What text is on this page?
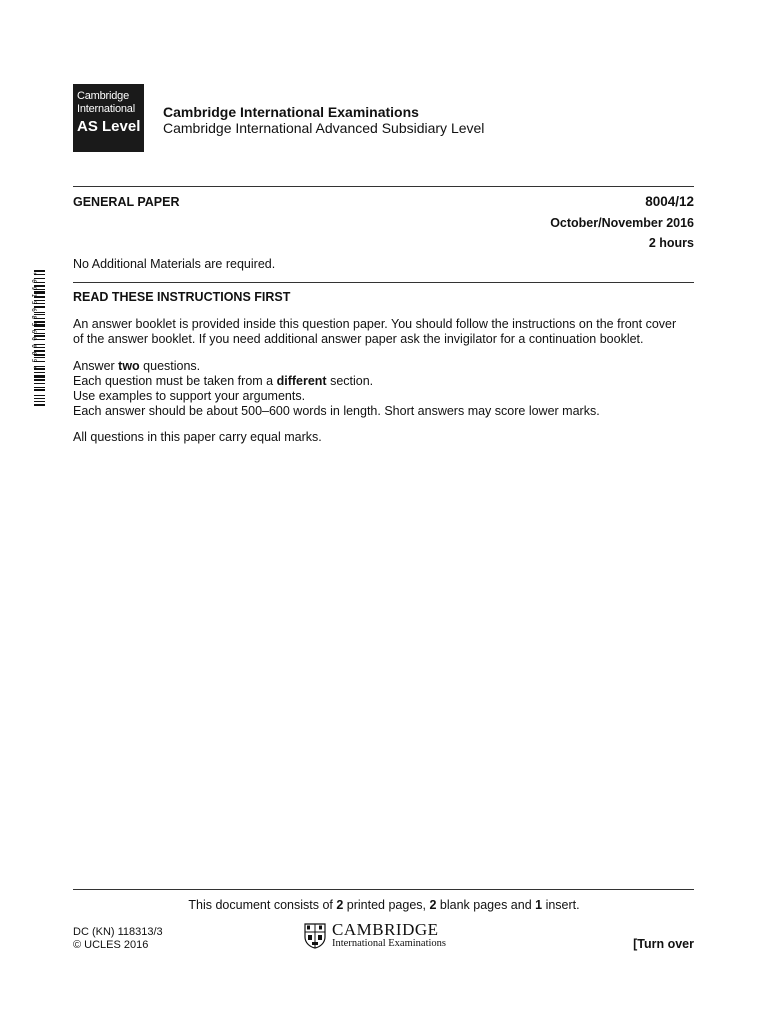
Cambridge
International
AS Level
Cambridge International Examinations
Cambridge International Advanced Subsidiary Level
GENERAL PAPER	8004/12
October/November 2016
2 hours
No Additional Materials are required.
* 6 9 1 5 6 8 5 6 0 0 0 5 *	READ THESE INSTRUCTIONS FIRST
An answer booklet is provided inside this question paper. You should follow the instructions on the front cover
of the answer booklet. If you need additional answer paper ask the invigilator for a continuation booklet.
Answer two questions.
Each question must be taken from a different section.
Use examples to support your arguments.
Each answer should be about 500–600 words in length. Short answers may score lower marks.
All questions in this paper carry equal marks.
This document consists of 2 printed pages, 2 blank pages and 1 insert.
DC (KN) 118313/3
© UCLES 2016
CAMBRIDGE
International Examinations	[Turn over
